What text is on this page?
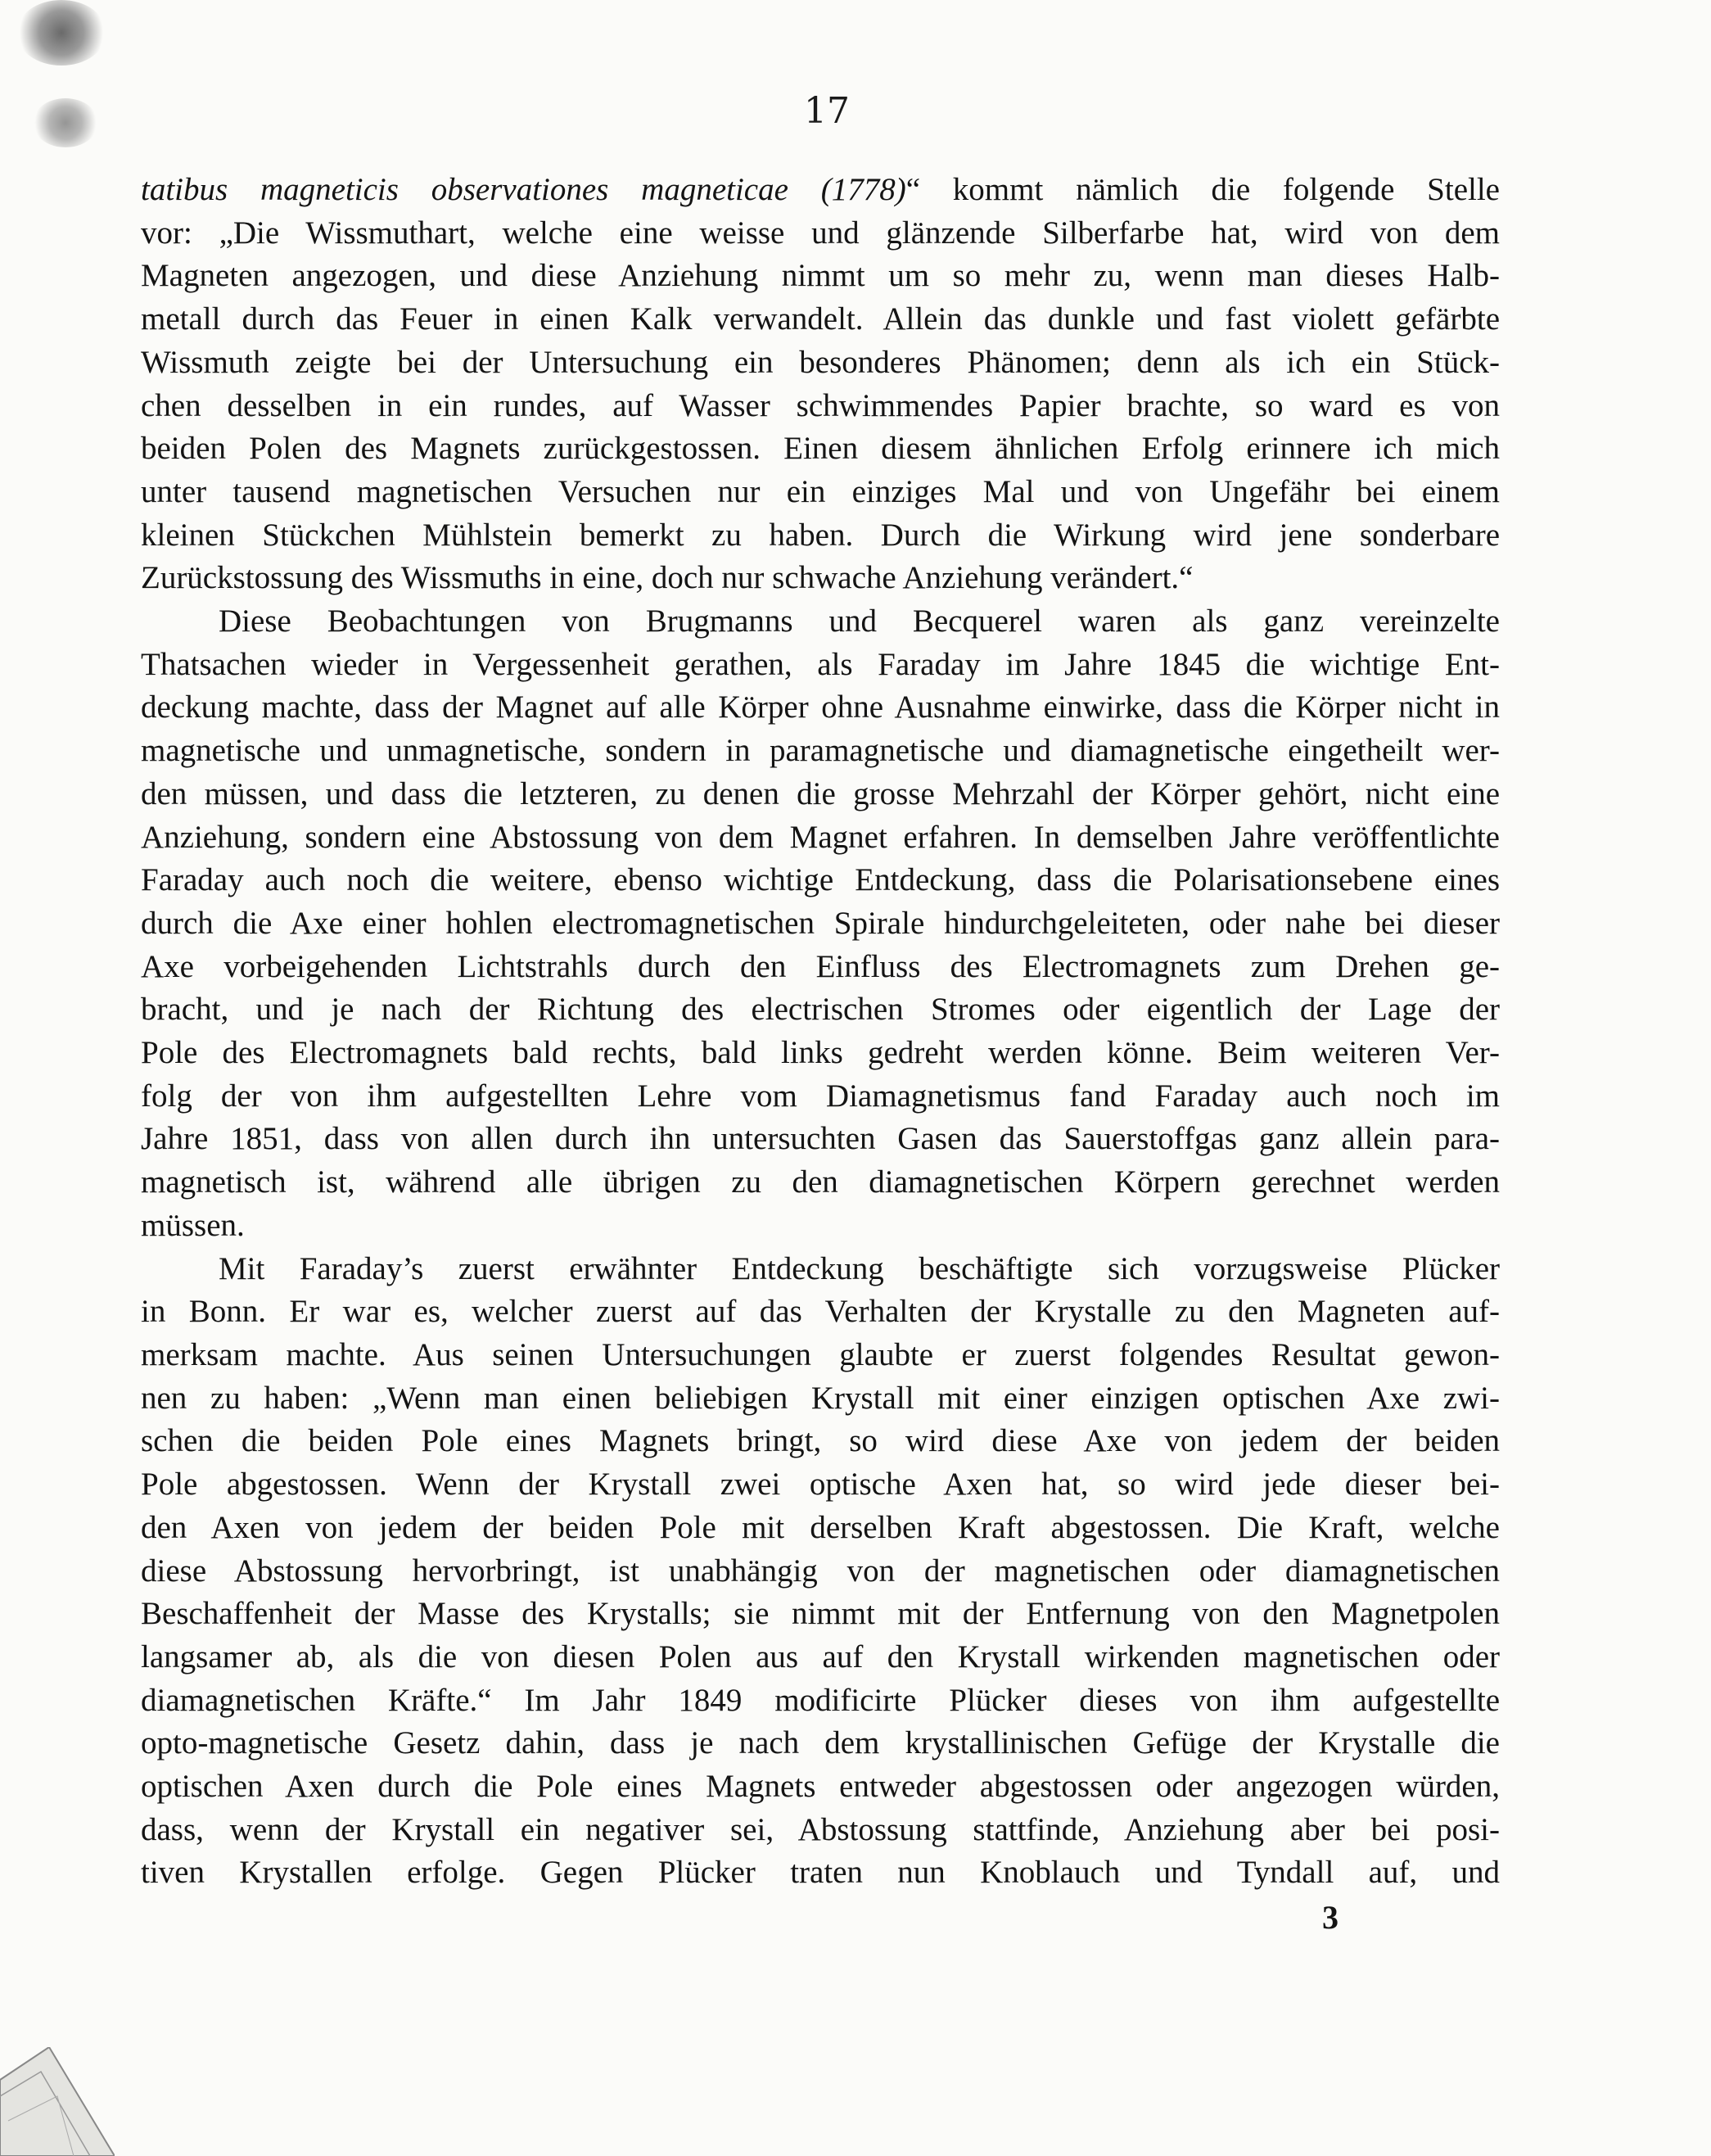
17
tatibus magneticis observationes magneticae (1778)“ kommt nämlich die folgende Stelle
vor: „Die Wissmuthart, welche eine weisse und glänzende Silberfarbe hat, wird von dem
Magneten angezogen, und diese Anziehung nimmt um so mehr zu, wenn man dieses Halb-
metall durch das Feuer in einen Kalk verwandelt. Allein das dunkle und fast violett gefärbte
Wissmuth zeigte bei der Untersuchung ein besonderes Phänomen; denn als ich ein Stück-
chen desselben in ein rundes, auf Wasser schwimmendes Papier brachte, so ward es von
beiden Polen des Magnets zurückgestossen. Einen diesem ähnlichen Erfolg erinnere ich mich
unter tausend magnetischen Versuchen nur ein einziges Mal und von Ungefähr bei einem
kleinen Stückchen Mühlstein bemerkt zu haben. Durch die Wirkung wird jene sonderbare
Zurückstossung des Wissmuths in eine, doch nur schwache Anziehung verändert.“
Diese Beobachtungen von Brugmanns und Becquerel waren als ganz vereinzelte
Thatsachen wieder in Vergessenheit gerathen, als Faraday im Jahre 1845 die wichtige Ent-
deckung machte, dass der Magnet auf alle Körper ohne Ausnahme einwirke, dass die Körper nicht in
magnetische und unmagnetische, sondern in paramagnetische und diamagnetische eingetheilt wer-
den müssen, und dass die letzteren, zu denen die grosse Mehrzahl der Körper gehört, nicht eine
Anziehung, sondern eine Abstossung von dem Magnet erfahren. In demselben Jahre veröffentlichte
Faraday auch noch die weitere, ebenso wichtige Entdeckung, dass die Polarisationsebene eines
durch die Axe einer hohlen electromagnetischen Spirale hindurchgeleiteten, oder nahe bei dieser
Axe vorbeigehenden Lichtstrahls durch den Einfluss des Electromagnets zum Drehen ge-
bracht, und je nach der Richtung des electrischen Stromes oder eigentlich der Lage der
Pole des Electromagnets bald rechts, bald links gedreht werden könne. Beim weiteren Ver-
folg der von ihm aufgestellten Lehre vom Diamagnetismus fand Faraday auch noch im
Jahre 1851, dass von allen durch ihn untersuchten Gasen das Sauerstoffgas ganz allein para-
magnetisch ist, während alle übrigen zu den diamagnetischen Körpern gerechnet werden
müssen.
Mit Faraday’s zuerst erwähnter Entdeckung beschäftigte sich vorzugsweise Plücker
in Bonn. Er war es, welcher zuerst auf das Verhalten der Krystalle zu den Magneten auf-
merksam machte. Aus seinen Untersuchungen glaubte er zuerst folgendes Resultat gewon-
nen zu haben: „Wenn man einen beliebigen Krystall mit einer einzigen optischen Axe zwi-
schen die beiden Pole eines Magnets bringt, so wird diese Axe von jedem der beiden
Pole abgestossen. Wenn der Krystall zwei optische Axen hat, so wird jede dieser bei-
den Axen von jedem der beiden Pole mit derselben Kraft abgestossen. Die Kraft, welche
diese Abstossung hervorbringt, ist unabhängig von der magnetischen oder diamagnetischen
Beschaffenheit der Masse des Krystalls; sie nimmt mit der Entfernung von den Magnetpolen
langsamer ab, als die von diesen Polen aus auf den Krystall wirkenden magnetischen oder
diamagnetischen Kräfte.“ Im Jahr 1849 modificirte Plücker dieses von ihm aufgestellte
opto-magnetische Gesetz dahin, dass je nach dem krystallinischen Gefüge der Krystalle die
optischen Axen durch die Pole eines Magnets entweder abgestossen oder angezogen würden,
dass, wenn der Krystall ein negativer sei, Abstossung stattfinde, Anziehung aber bei posi-
tiven Krystallen erfolge. Gegen Plücker traten nun Knoblauch und Tyndall auf, und
3
